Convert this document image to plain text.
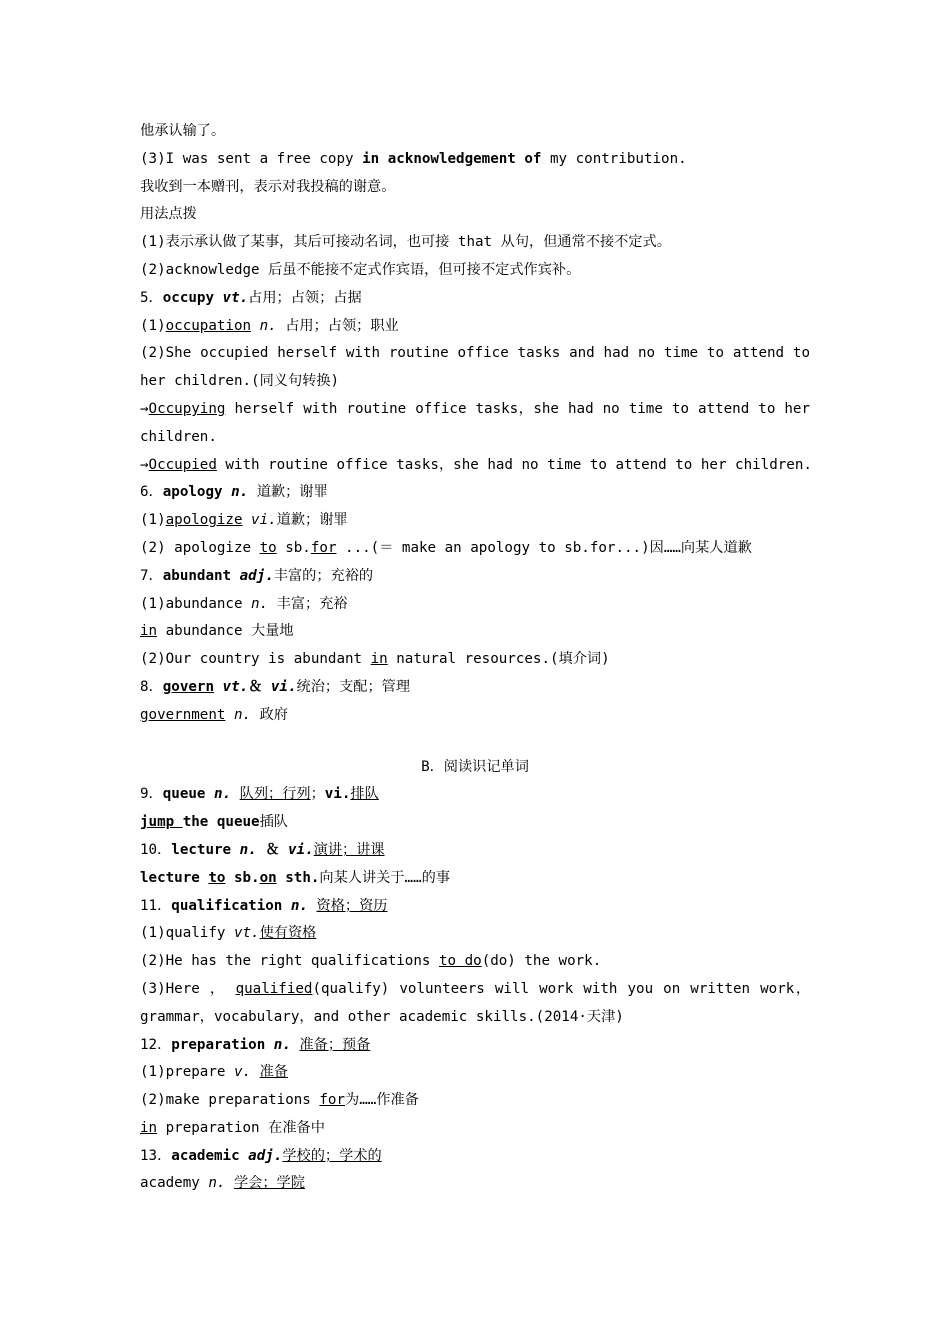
他承认输了。
(3)I was sent a free copy in acknowledgement of my contribution.
我收到一本赠刊，表示对我投稿的谢意。
用法点拨
(1)表示承认做了某事，其后可接动名词，也可接 that 从句，但通常不接不定式。
(2)acknowledge 后虽不能接不定式作宾语，但可接不定式作宾补。
5．occupy vt.占用；占领；占据
(1)occupation n. 占用；占领；职业
(2)She occupied herself with routine office tasks and had no time to attend to her children.(同义句转换)
→Occupying herself with routine office tasks，she had no time to attend to her children.
→Occupied with routine office tasks，she had no time to attend to her children.
6．apology n. 道歉；谢罪
(1)apologize vi.道歉；谢罪
(2) apologize to sb.for ...(＝ make an apology to sb.for...)因……向某人道歉
7．abundant adj.丰富的；充裕的
(1)abundance n. 丰富；充裕
in abundance 大量地
(2)Our country is abundant in natural resources.(填介词)
8．govern vt.＆ vi.统治；支配；管理
government n. 政府
B．阅读识记单词
9．queue n. 队列；行列；vi.排队
jump the queue插队
10．lecture n. ＆ vi.演讲；讲课
lecture to sb.on sth.向某人讲关于……的事
11．qualification n. 资格；资历
(1)qualify vt.使有资格
(2)He has the right qualifications to do(do) the work.
(3)Here ， qualified(qualify) volunteers will work with you on written work，grammar，vocabulary，and other academic skills.(2014·天津)
12．preparation n. 准备；预备
(1)prepare v. 准备
(2)make preparations for为……作准备
in preparation 在准备中
13．academic adj.学校的；学术的
academy n. 学会；学院
